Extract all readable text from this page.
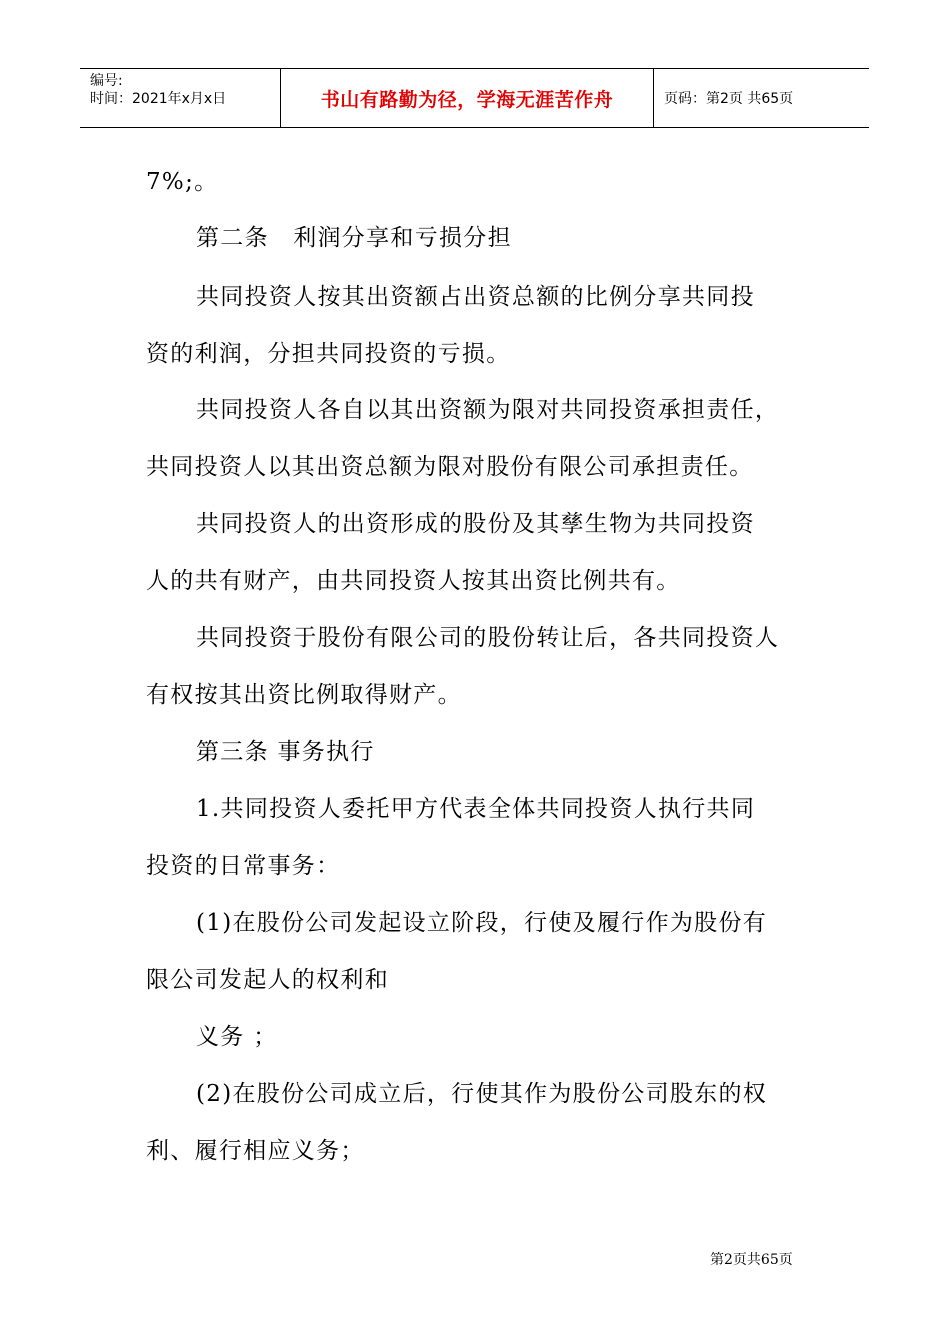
编号:
时间：2021年x月x日	书山有路勤为径，学海无涯苦作舟	页码：第2页 共65页
7%;。
第二条　利润分享和亏损分担
共同投资人按其出资额占出资总额的比例分享共同投
资的利润，分担共同投资的亏损。
共同投资人各自以其出资额为限对共同投资承担责任，
共同投资人以其出资总额为限对股份有限公司承担责任。
共同投资人的出资形成的股份及其孳生物为共同投资
人的共有财产，由共同投资人按其出资比例共有。
共同投资于股份有限公司的股份转让后，各共同投资人
有权按其出资比例取得财产。
第三条 事务执行
1.共同投资人委托甲方代表全体共同投资人执行共同
投资的日常事务：
(1)在股份公司发起设立阶段，行使及履行作为股份有
限公司发起人的权利和
义务 ；
(2)在股份公司成立后，行使其作为股份公司股东的权
利、履行相应义务；
第2页共65页
